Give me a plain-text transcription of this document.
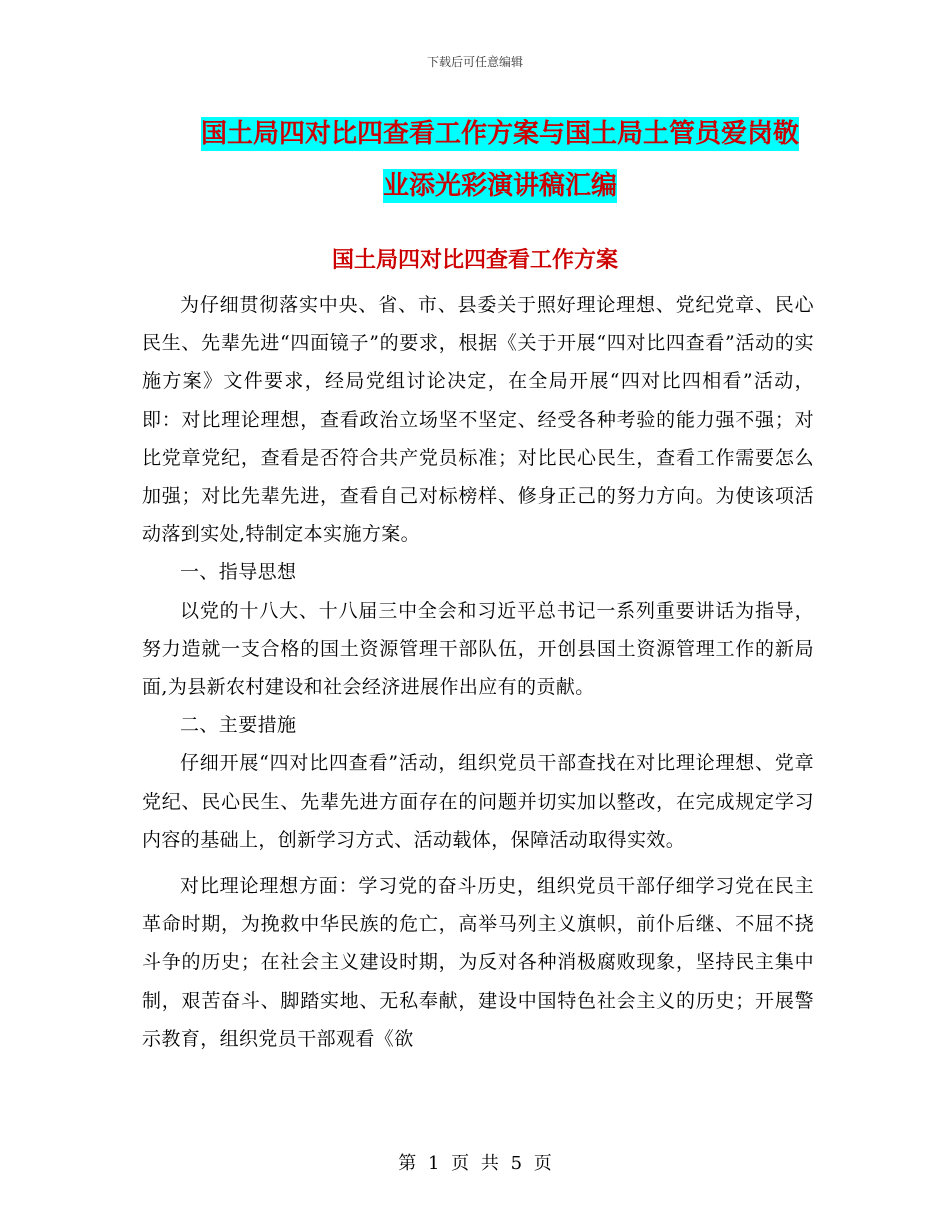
下载后可任意编辑
国土局四对比四查看工作方案与国土局土管员爱岗敬
业添光彩演讲稿汇编
国土局四对比四查看工作方案

为仔细贯彻落实中央、省、市、县委关于照好理论理想、党纪党章、民心民生、先辈先进“四面镜子”的要求，根据《关于开展“四对比四查看”活动的实施方案》文件要求，经局党组讨论决定，在全局开展“四对比四相看”活动，即：对比理论理想，查看政治立场坚不坚定、经受各种考验的能力强不强；对比党章党纪，查看是否符合共产党员标准；对比民心民生，查看工作需要怎么加强；对比先辈先进，查看自己对标榜样、修身正己的努力方向。为使该项活动落到实处,特制定本实施方案。

一、指导思想

以党的十八大、十八届三中全会和习近平总书记一系列重要讲话为指导，努力造就一支合格的国土资源管理干部队伍，开创县国土资源管理工作的新局面,为县新农村建设和社会经济进展作出应有的贡献。

二、主要措施

仔细开展“四对比四查看”活动，组织党员干部查找在对比理论理想、党章党纪、民心民生、先辈先进方面存在的问题并切实加以整改，在完成规定学习内容的基础上，创新学习方式、活动载体，保障活动取得实效。

对比理论理想方面：学习党的奋斗历史，组织党员干部仔细学习党在民主革命时期，为挽救中华民族的危亡，高举马列主义旗帜，前仆后继、不屈不挠斗争的历史；在社会主义建设时期，为反对各种消极腐败现象，坚持民主集中制，艰苦奋斗、脚踏实地、无私奉献，建设中国特色社会主义的历史；开展警示教育，组织党员干部观看《欲

第 1 页 共 5 页
